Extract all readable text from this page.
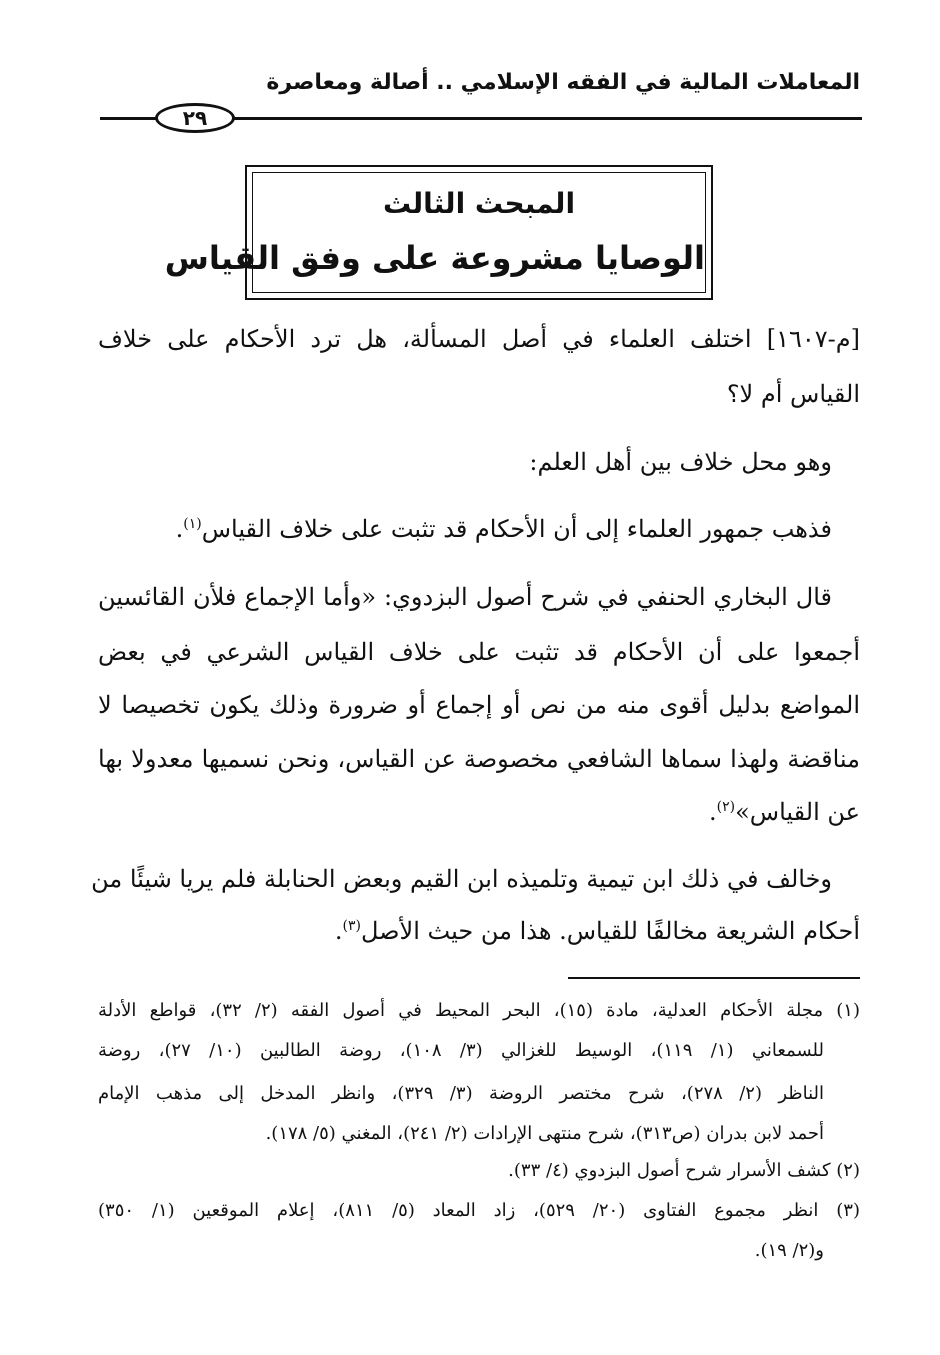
المعاملات المالية في الفقه الإسلامي .. أصالة ومعاصرة
٢٩
المبحث الثالث
الوصايا مشروعة على وفق القياس
[م-١٦٠٧] اختلف العلماء في أصل المسألة، هل ترد الأحكام على خلاف
القياس أم لا؟
وهو محل خلاف بين أهل العلم:
فذهب جمهور العلماء إلى أن الأحكام قد تثبت على خلاف القياس$^{(١)}$.
قال البخاري الحنفي في شرح أصول البزدوي: «وأما الإجماع فلأن القائسين
أجمعوا على أن الأحكام قد تثبت على خلاف القياس الشرعي في بعض
المواضع بدليل أقوى منه من نص أو إجماع أو ضرورة وذلك يكون تخصيصا لا
مناقضة ولهذا سماها الشافعي مخصوصة عن القياس، ونحن نسميها معدولا بها
عن القياس»$^{(٢)}$.
وخالف في ذلك ابن تيمية وتلميذه ابن القيم وبعض الحنابلة فلم يريا شيئًا من
أحكام الشريعة مخالفًا للقياس. هذا من حيث الأصل$^{(٣)}$.
(١) مجلة الأحكام العدلية، مادة (١٥)، البحر المحيط في أصول الفقه (٢/ ٣٢)، قواطع الأدلة
للسمعاني (١/ ١١٩)، الوسيط للغزالي (٣/ ١٠٨)، روضة الطالبين (١٠/ ٢٧)، روضة
الناظر (٢/ ٢٧٨)، شرح مختصر الروضة (٣/ ٣٢٩)، وانظر المدخل إلى مذهب الإمام
أحمد لابن بدران (ص٣١٣)، شرح منتهى الإرادات (٢/ ٢٤١)، المغني (٥/ ١٧٨).
(٢) كشف الأسرار شرح أصول البزدوي (٤/ ٣٣).
(٣) انظر مجموع الفتاوى (٢٠/ ٥٢٩)، زاد المعاد (٥/ ٨١١)، إعلام الموقعين (١/ ٣٥٠)
و(٢/ ١٩).
